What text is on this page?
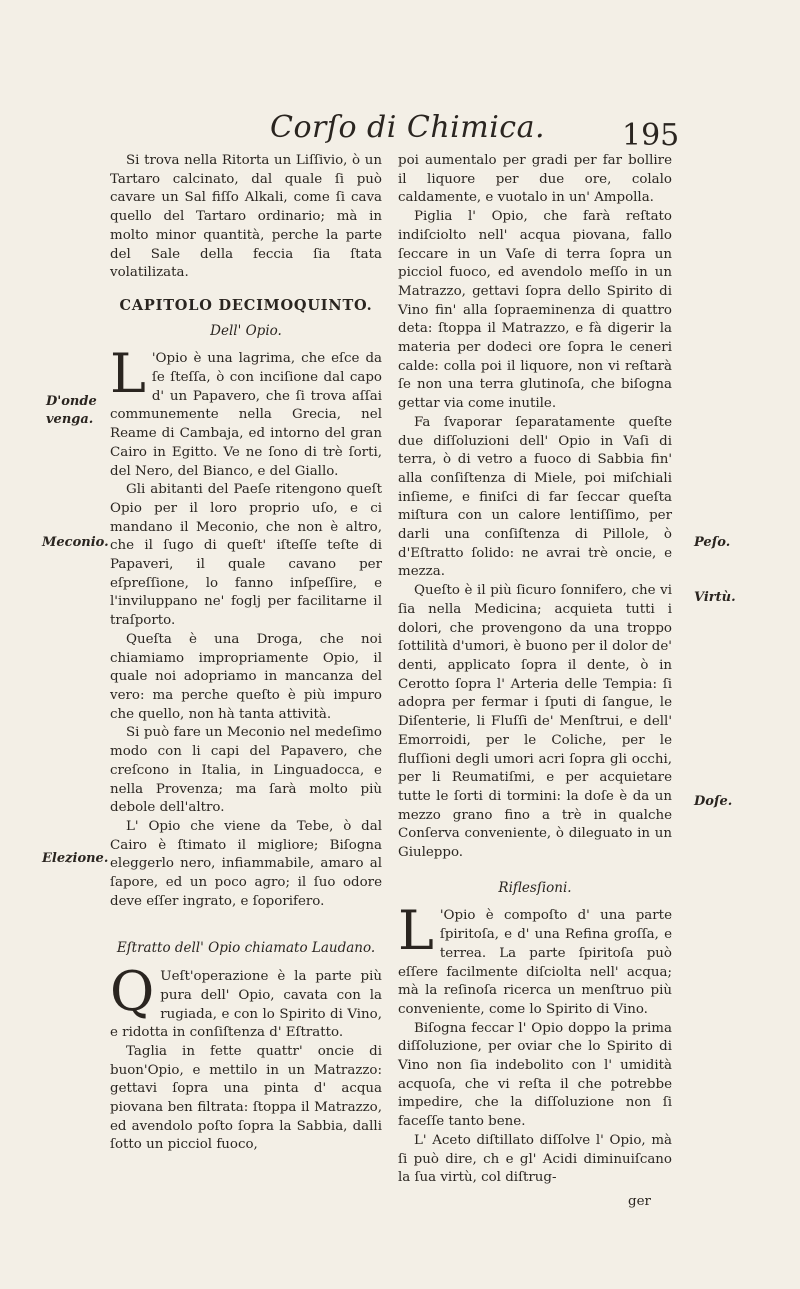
Corſo di Chimica.	195

Si trova nella Ritorta un Liſſivio, ò un Tartaro calcinato, dal quale ſi può cavare un Sal fiſſo Alkali, come ſi cava quello del Tartaro ordinario; mà in molto minor quantità, perche la parte del Sale della feccia ſia ſtata volatilizata.

CAPITOLO DECIMOQUINTO.
Dell' Opio.

L 'Opio è una lagrima, che eſce da ſe ſteſſa, ò con inciſione dal capo d' un Papavero, che ſi trova aſſai communemente nella Grecia, nel Reame di Cambaja, ed intorno del gran Cairo in Egitto. Ve ne ſono di trè ſorti, del Nero, del Bianco, e del Giallo.

Gli abitanti del Paeſe ritengono queſt Opio per il loro proprio uſo, e ci mandano il Meconio, che non è altro, che il ſugo di queſt' iſteſſe teſte di Papaveri, il quale cavano per eſpreſſione, lo fanno inſpeſſire, e l'inviluppano ne' foglj per facilitarne il traſporto.

Queſta è una Droga, che noi chiamiamo impropriamente Opio, il quale noi adopriamo in mancanza del vero: ma perche queſto è più impuro che quello, non hà tanta attività.

Si può fare un Meconio nel medeſimo modo con li capi del Papavero, che creſcono in Italia, in Linguadocca, e nella Provenza; ma ſarà molto più debole dell'altro.

L' Opio che viene da Tebe, ò dal Cairo è ſtimato il migliore; Biſogna eleggerlo nero, infiammabile, amaro al ſapore, ed un poco agro; il ſuo odore deve eſſer ingrato, e ſoporifero.

Eſtratto dell' Opio chiamato Laudano.

Q Ueſt'operazione è la parte più pura dell' Opio, cavata con la rugiada, e con lo Spirito di Vino, e ridotta in conſiſtenza d' Eſtratto.

Taglia in fette quattr' oncie di buon'Opio, e mettilo in un Matrazzo: gettavi ſopra una pinta d' acqua piovana ben filtrata: ſtoppa il Matrazzo, ed avendolo poſto ſopra la Sabbia, dalli ſotto un picciol fuoco,

poi aumentalo per gradi per far bollire il liquore per due ore, colalo caldamente, e vuotalo in un' Ampolla.

Piglia l' Opio, che farà reſtato indiſciolto nell' acqua piovana, fallo ſeccare in un Vaſe di terra ſopra un picciol fuoco, ed avendolo meſſo in un Matrazzo, gettavi ſopra dello Spirito di Vino fin' alla ſopraeminenza di quattro deta: ſtoppa il Matrazzo, e fà digerir la materia per dodeci ore ſopra le ceneri calde: colla poi il liquore, non vi reſtarà ſe non una terra glutinoſa, che biſogna gettar via come inutile.

Fa ſvaporar ſeparatamente queſte due diſſoluzioni dell' Opio in Vaſi di terra, ò di vetro a fuoco di Sabbia fin' alla conſiſtenza di Miele, poi miſchiali inſieme, e finiſci di far ſeccar queſta miſtura con un calore lentiſſimo, per darli una conſiſtenza di Pillole, ò d'Eſtratto ſolido: ne avrai trè oncie, e mezza.

Queſto è il più ſicuro ſonnifero, che vi ſia nella Medicina; acquieta tutti i dolori, che provengono da una troppo ſottilità d'umori, è buono per il dolor de' denti, applicato ſopra il dente, ò in Cerotto ſopra l' Arteria delle Tempia: ſi adopra per fermar i ſputi di ſangue, le Diſenterie, li Fluſſi de' Menſtrui, e dell' Emorroidi, per le Coliche, per le fluſſioni degli umori acri ſopra gli occhi, per li Reumatiſmi, e per acquietare tutte le ſorti di tormini: la doſe è da un mezzo grano fino a trè in qualche Conſerva conveniente, ò dileguato in un Giuleppo.

Riflesſioni.

L 'Opio è compoſto d' una parte ſpiritoſa, e d' una Refina groſſa, e terrea. La parte ſpiritoſa può eſſere facilmente diſciolta nell' acqua; mà la reſinoſa ricerca un menſtruo più conveniente, come lo Spirito di Vino.

Biſogna feccar l' Opio doppo la prima diſſoluzione, per oviar che lo Spirito di Vino non ſia indebolito con l' umidità acquoſa, che vi reſta il che potrebbe impedire, che la diſſoluzione non ſi faceſſe tanto bene.

L' Aceto diſtillato diſſolve l' Opio, mà ſi può dire, ch e gl' Acidi diminuiſcano la ſua virtù, col diſtrug-

ger
D'onde
venga.
Meconio.
Elezione.
Peſo.
Virtù.
Doſe.
